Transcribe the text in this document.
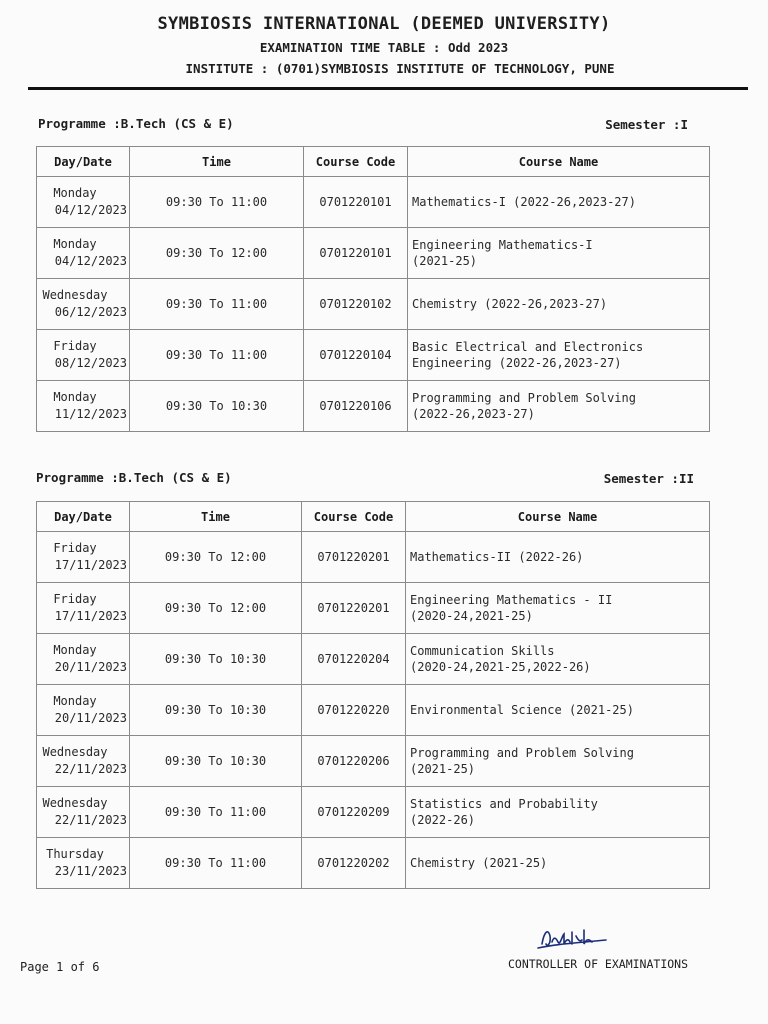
SYMBIOSIS INTERNATIONAL (DEEMED UNIVERSITY)
EXAMINATION TIME TABLE : Odd 2023
INSTITUTE : (0701)SYMBIOSIS INSTITUTE OF TECHNOLOGY, PUNE
Programme :B.Tech (CS & E)	Semester :I
Day/Date	Time	Course Code	Course Name

Monday
04/12/2023	09:30 To 11:00	0701220101	Mathematics-I (2022-26,2023-27)

Monday
04/12/2023	09:30 To 12:00	0701220101	Engineering Mathematics-I
(2021-25)

Wednesday
06/12/2023	09:30 To 11:00	0701220102	Chemistry (2022-26,2023-27)

Friday
08/12/2023	09:30 To 11:00	0701220104	Basic Electrical and Electronics
Engineering (2022-26,2023-27)

Monday
11/12/2023	09:30 To 10:30	0701220106	Programming and Problem Solving
(2022-26,2023-27)
Programme :B.Tech (CS & E)	Semester :II
Day/Date	Time	Course Code	Course Name

Friday
17/11/2023	09:30 To 12:00	0701220201	Mathematics-II (2022-26)

Friday
17/11/2023	09:30 To 12:00	0701220201	Engineering Mathematics - II
(2020-24,2021-25)

Monday
20/11/2023	09:30 To 10:30	0701220204	Communication Skills
(2020-24,2021-25,2022-26)

Monday
20/11/2023	09:30 To 10:30	0701220220	Environmental Science (2021-25)

Wednesday
22/11/2023	09:30 To 10:30	0701220206	Programming and Problem Solving
(2021-25)

Wednesday
22/11/2023	09:30 To 11:00	0701220209	Statistics and Probability
(2022-26)

Thursday
23/11/2023	09:30 To 11:00	0701220202	Chemistry (2021-25)
Page 1 of 6	CONTROLLER OF EXAMINATIONS
